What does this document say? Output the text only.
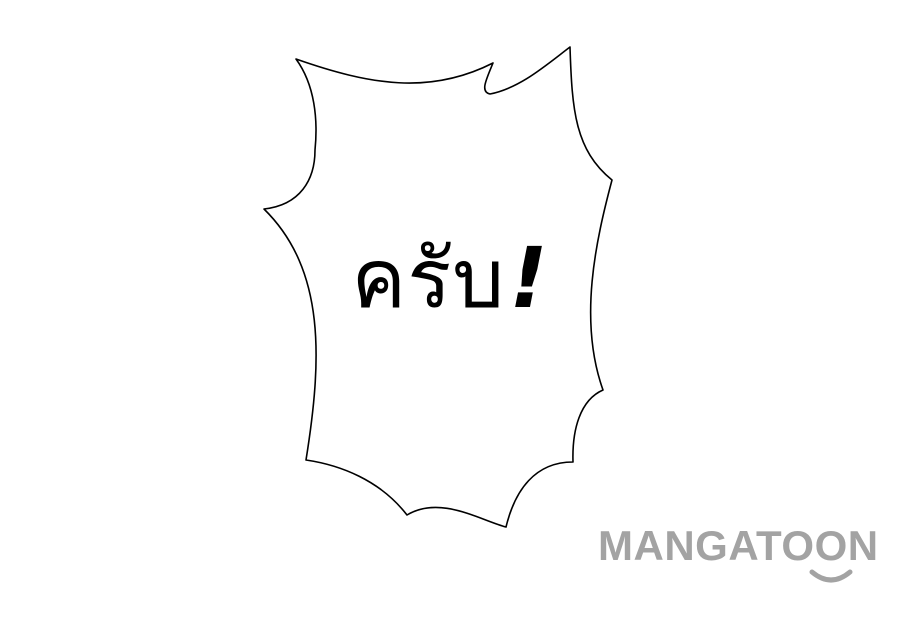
ครับ!
MANGATOON
